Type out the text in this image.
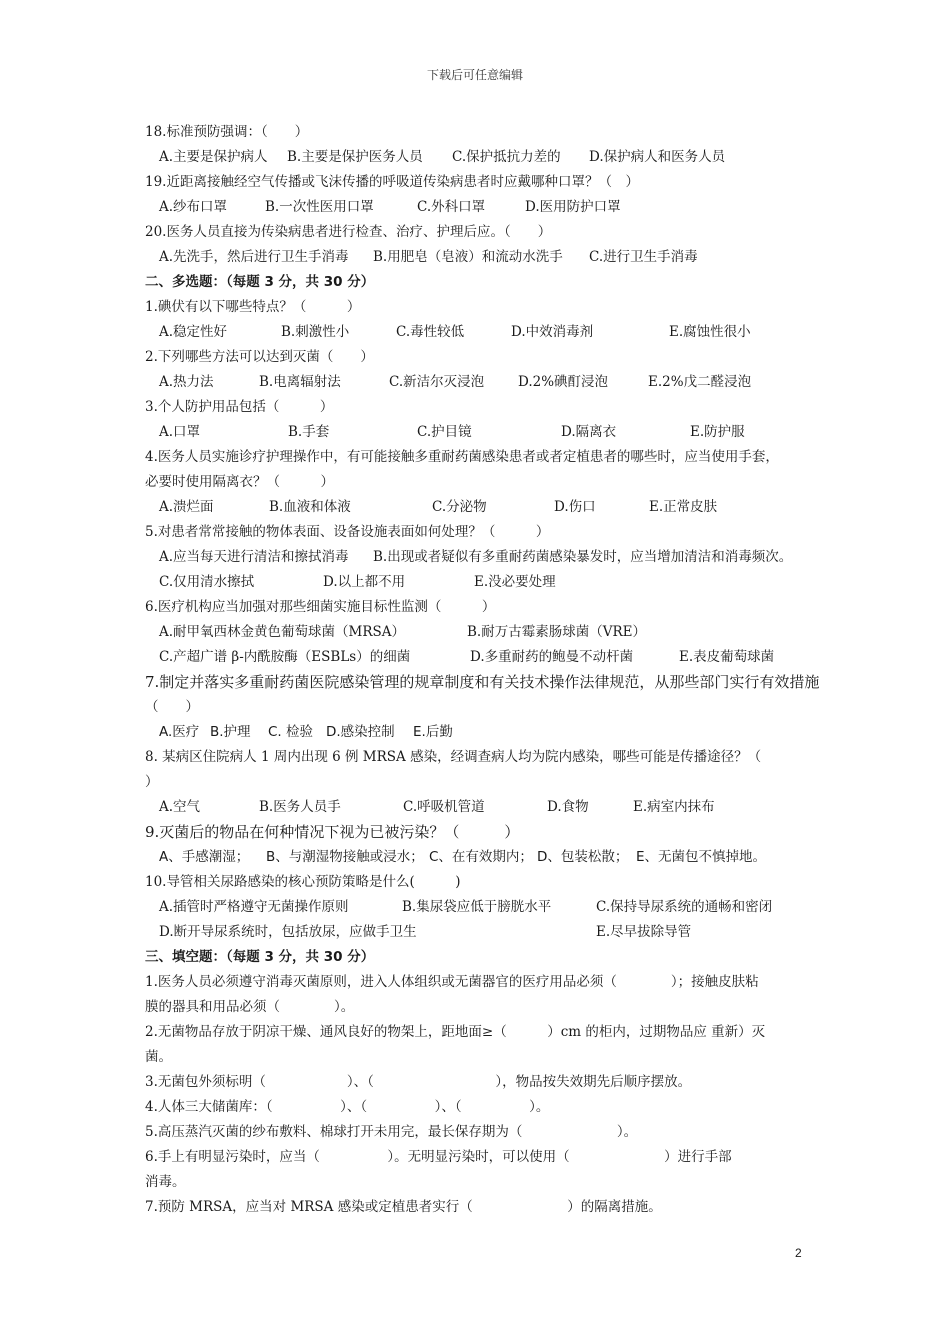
下载后可任意编辑
18.标准预防强调：（　　）
A.主要是保护病人	B.主要是保护医务人员	C.保护抵抗力差的	D.保护病人和医务人员
19.近距离接触经空气传播或飞沫传播的呼吸道传染病患者时应戴哪种口罩？（　）
A.纱布口罩	B.一次性医用口罩	C.外科口罩	D.医用防护口罩
20.医务人员直接为传染病患者进行检查、治疗、护理后应。（　　）
A.先洗手，然后进行卫生手消毒	B.用肥皂（皂液）和流动水洗手	C.进行卫生手消毒
二、多选题：（每题 3 分，共 30 分）
1.碘伏有以下哪些特点？（　　　）
A.稳定性好	B.刺激性小	C.毒性较低	D.中效消毒剂	E.腐蚀性很小
2.下列哪些方法可以达到灭菌（　　）
A.热力法	B.电离辐射法	C.新洁尔灭浸泡	D.2%碘酊浸泡	E.2%戊二醛浸泡
3.个人防护用品包括（　　　）
A.口罩	B.手套	C.护目镜	D.隔离衣	E.防护服
4.医务人员实施诊疗护理操作中，有可能接触多重耐药菌感染患者或者定植患者的哪些时，应当使用手套，
必要时使用隔离衣？（　　　）
A.溃烂面	B.血液和体液	C.分泌物	D.伤口	E.正常皮肤
5.对患者常常接触的物体表面、设备设施表面如何处理？（　　　）
A.应当每天进行清洁和擦拭消毒	B.出现或者疑似有多重耐药菌感染暴发时，应当增加清洁和消毒频次。
C.仅用清水擦拭	D.以上都不用	E.没必要处理
6.医疗机构应当加强对那些细菌实施目标性监测（　　　）
A.耐甲氧西林金黄色葡萄球菌（MRSA）	B.耐万古霉素肠球菌（VRE）
C.产超广谱 β-内酰胺酶（ESBLs）的细菌	D.多重耐药的鲍曼不动杆菌	E.表皮葡萄球菌
7.制定并落实多重耐药菌医院感染管理的规章制度和有关技术操作法律规范，从那些部门实行有效措施
（　　）
A.医疗 B.护理	C. 检验 D.感染控制	E.后勤
8. 某病区住院病人 1 周内出现 6 例 MRSA 感染，经调查病人均为院内感染，哪些可能是传播途径？（
）
A.空气	B.医务人员手	C.呼吸机管道	D.食物	E.病室内抹布
9.灭菌后的物品在何种情况下视为已被污染？（　　　）
A、手感潮湿；	B、与潮湿物接触或浸水； C、在有效期内； D、包装松散； E、无菌包不慎掉地。
10.导管相关尿路感染的核心预防策略是什么(　　　)
A.插管时严格遵守无菌操作原则	B.集尿袋应低于膀胱水平	C.保持导尿系统的通畅和密闭
D.断开导尿系统时，包括放尿，应做手卫生	E.尽早拔除导管
三、填空题：（每题 3 分，共 30 分）
1.医务人员必须遵守消毒灭菌原则，进入人体组织或无菌器官的医疗用品必须（　　　　）；接触皮肤粘
膜的器具和用品必须（　　　　）。
2.无菌物品存放于阴凉干燥、通风良好的物架上，距地面≥（　　　）cm 的柜内，过期物品应 重新）灭
菌。
3.无菌包外须标明（　　　　　　）、（　　　　　　　　　），物品按失效期先后顺序摆放。
4.人体三大储菌库：（　　　　　）、（　　　　　）、（　　　　　）。
5.高压蒸汽灭菌的纱布敷料、棉球打开未用完，最长保存期为（　　　　　　　）。
6.手上有明显污染时，应当（　　　　　）。无明显污染时，可以使用（　　　　　　　）进行手部
消毒。
7.预防 MRSA，应当对 MRSA 感染或定植患者实行（　　　　　　　）的隔离措施。
2
